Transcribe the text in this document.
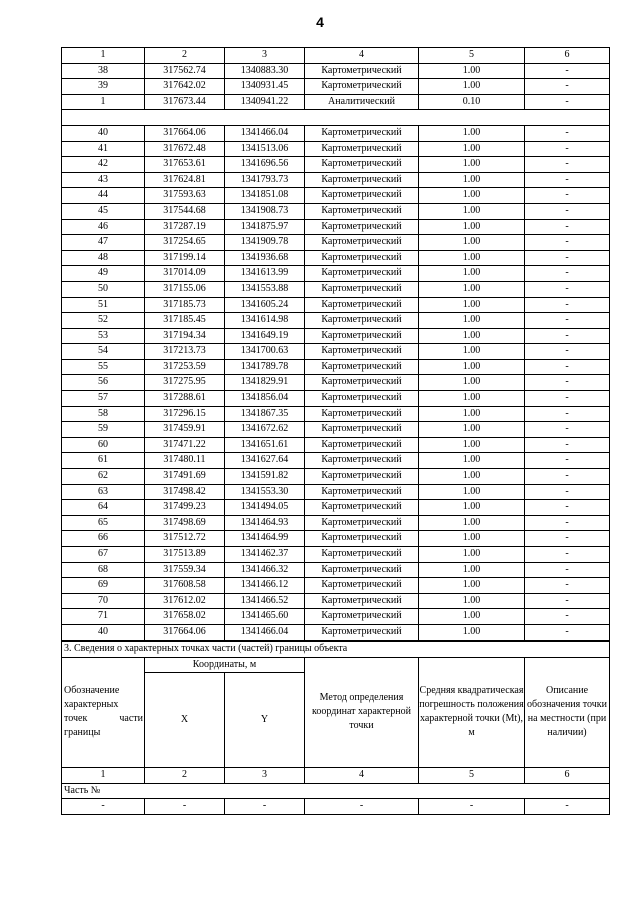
4
1	2	3	4	5	6
38	317562.74	1340883.30	Картометрический	1.00	-
39	317642.02	1340931.45	Картометрический	1.00	-
1	317673.44	1340941.22	Аналитический	0.10	-

40	317664.06	1341466.04	Картометрический	1.00	-
41	317672.48	1341513.06	Картометрический	1.00	-
42	317653.61	1341696.56	Картометрический	1.00	-
43	317624.81	1341793.73	Картометрический	1.00	-
44	317593.63	1341851.08	Картометрический	1.00	-
45	317544.68	1341908.73	Картометрический	1.00	-
46	317287.19	1341875.97	Картометрический	1.00	-
47	317254.65	1341909.78	Картометрический	1.00	-
48	317199.14	1341936.68	Картометрический	1.00	-
49	317014.09	1341613.99	Картометрический	1.00	-
50	317155.06	1341553.88	Картометрический	1.00	-
51	317185.73	1341605.24	Картометрический	1.00	-
52	317185.45	1341614.98	Картометрический	1.00	-
53	317194.34	1341649.19	Картометрический	1.00	-
54	317213.73	1341700.63	Картометрический	1.00	-
55	317253.59	1341789.78	Картометрический	1.00	-
56	317275.95	1341829.91	Картометрический	1.00	-
57	317288.61	1341856.04	Картометрический	1.00	-
58	317296.15	1341867.35	Картометрический	1.00	-
59	317459.91	1341672.62	Картометрический	1.00	-
60	317471.22	1341651.61	Картометрический	1.00	-
61	317480.11	1341627.64	Картометрический	1.00	-
62	317491.69	1341591.82	Картометрический	1.00	-
63	317498.42	1341553.30	Картометрический	1.00	-
64	317499.23	1341494.05	Картометрический	1.00	-
65	317498.69	1341464.93	Картометрический	1.00	-
66	317512.72	1341464.99	Картометрический	1.00	-
67	317513.89	1341462.37	Картометрический	1.00	-
68	317559.34	1341466.32	Картометрический	1.00	-
69	317608.58	1341466.12	Картометрический	1.00	-
70	317612.02	1341466.52	Картометрический	1.00	-
71	317658.02	1341465.60	Картометрический	1.00	-
40	317664.06	1341466.04	Картометрический	1.00	-
3. Сведения о характерных точках части (частей) границы объекта					
Обозначение характерных точек части границы	Координаты, м		Метод определения координат характерной точки	Средняя квадратическая погрешность положения характерной точки (Mt), м	Описание обозначения точки на местности (при наличии)
	X	Y			
1	2	3	4	5	6
Часть №					
-	-	-	-	-	-
